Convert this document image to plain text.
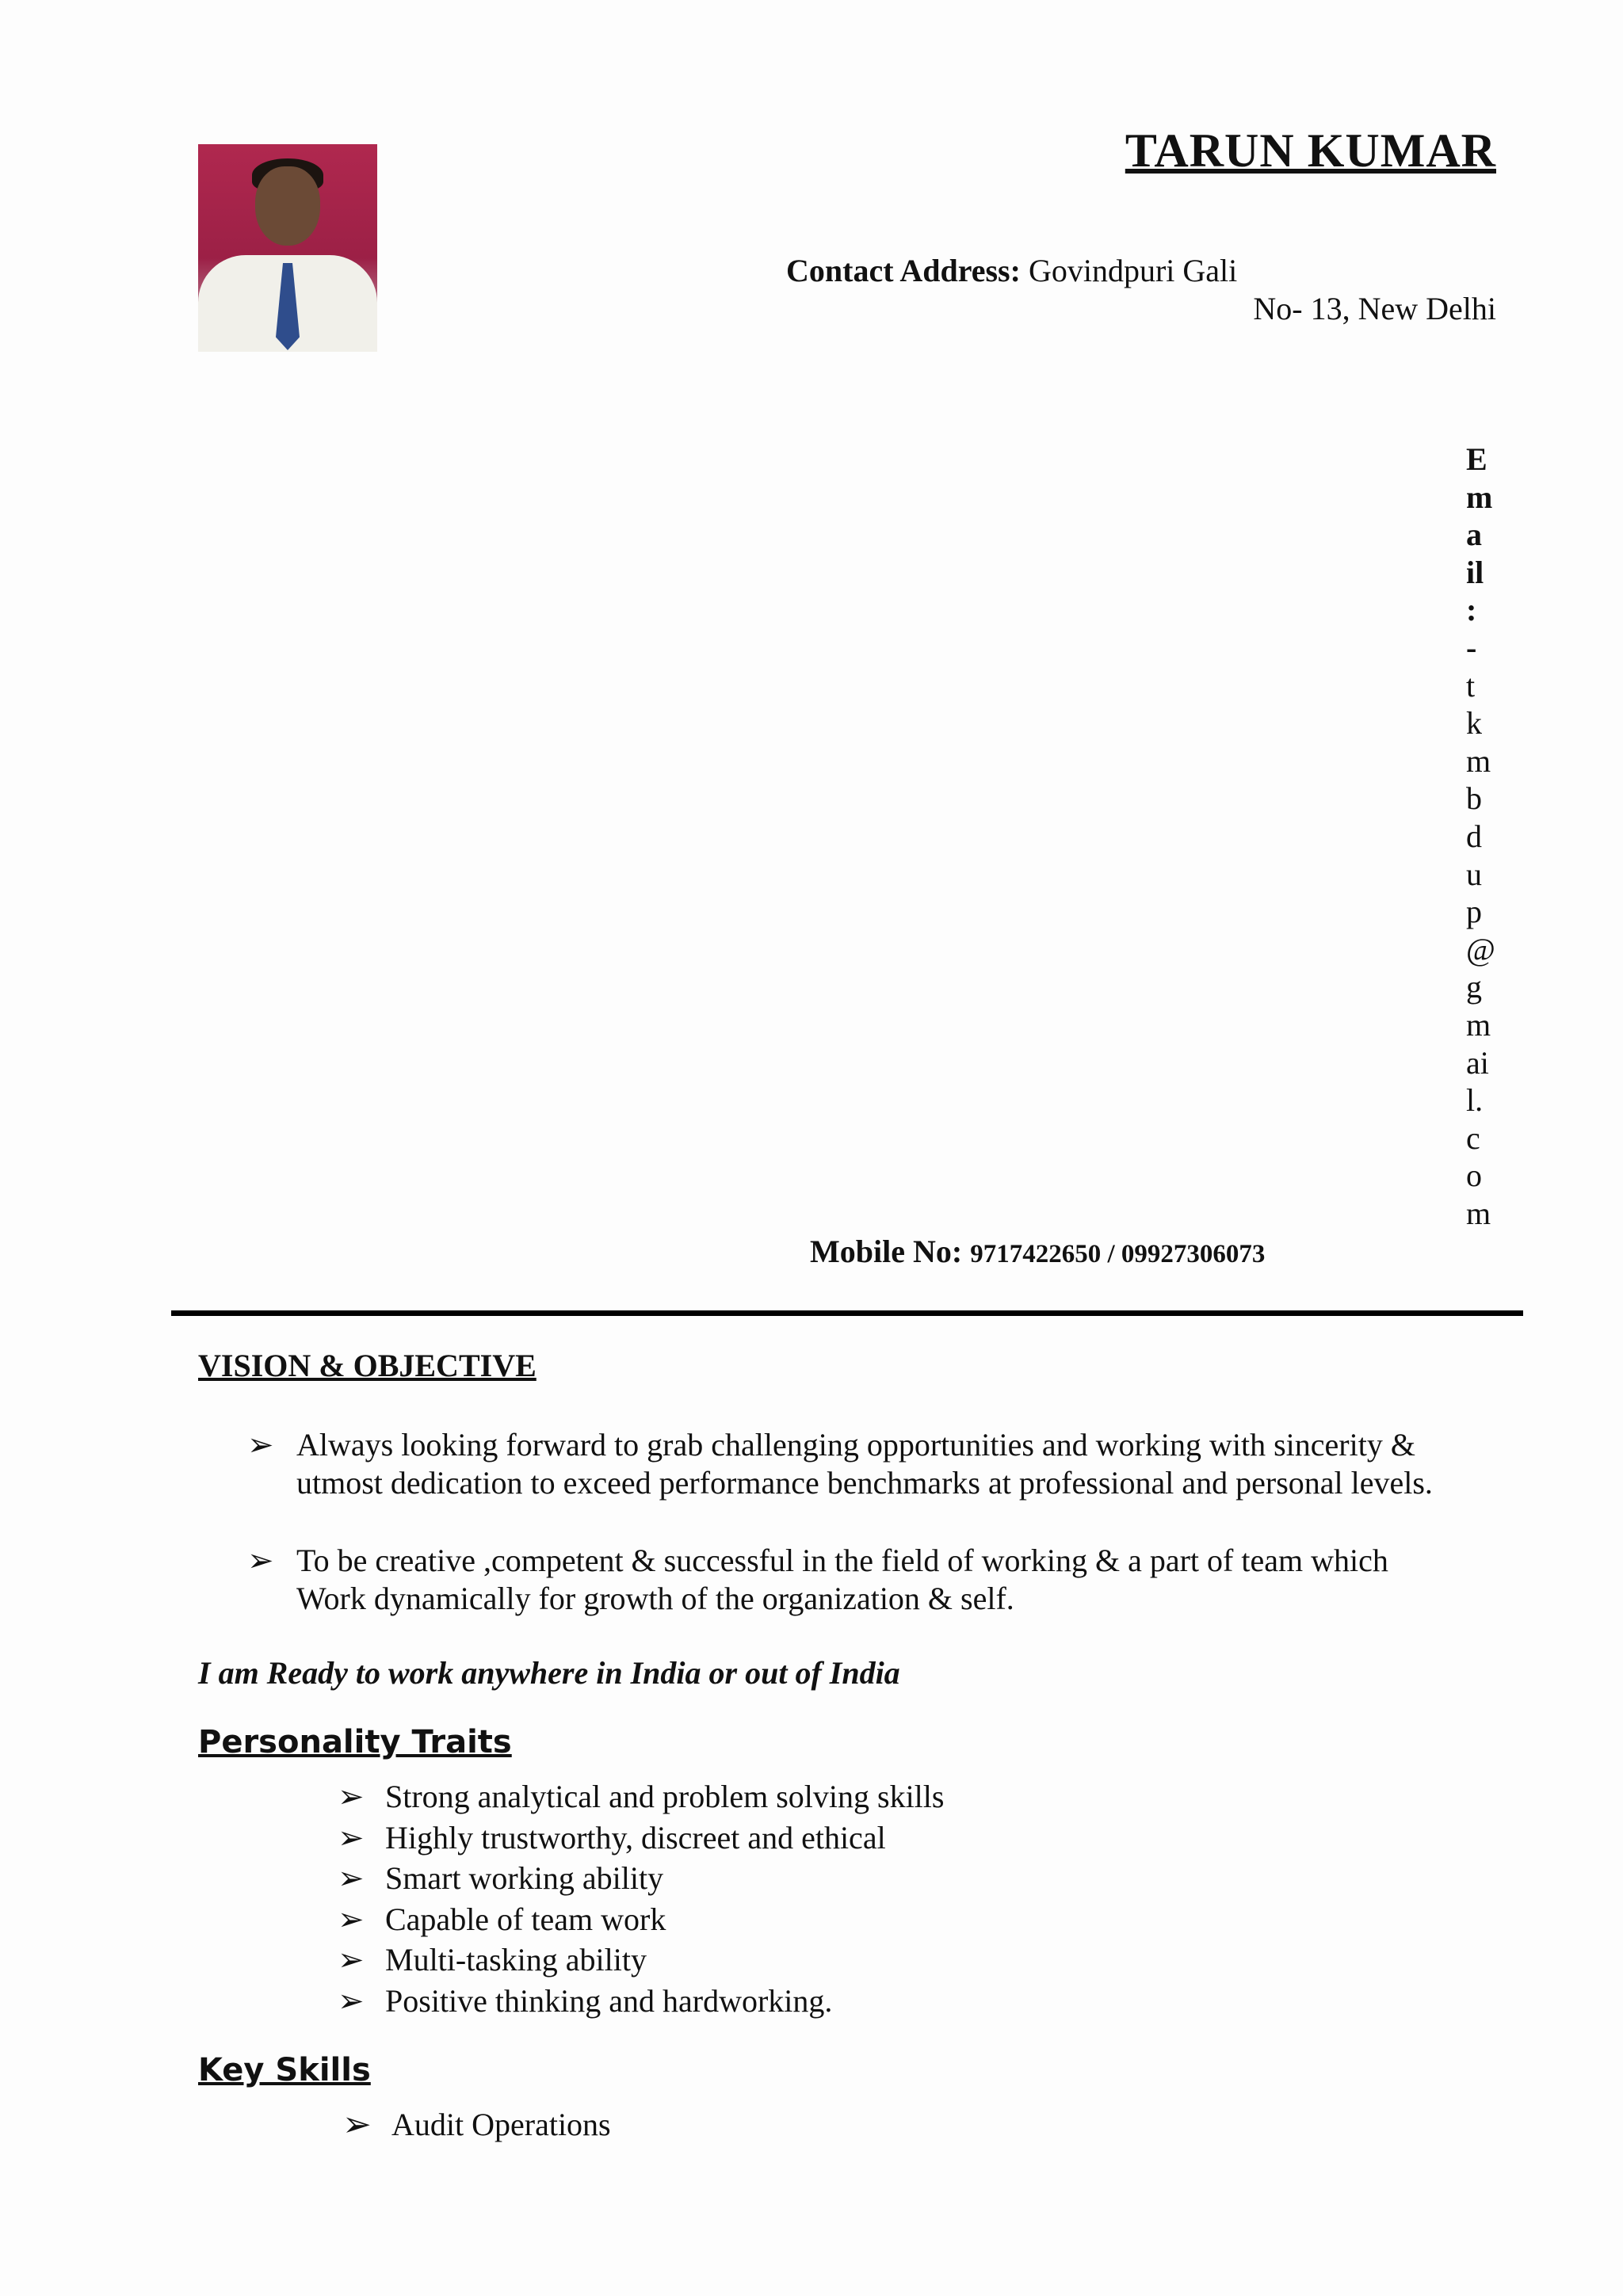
TARUN KUMAR
Contact Address: Govindpuri Gali
No- 13, New Delhi
E
m
a
il
:
-
t
k
m
b
d
u
p
@
g
m
ai
l.
c
o
m
Mobile No: 9717422650 / 09927306073
VISION & OBJECTIVE
➢ Always looking forward to grab challenging opportunities and working with sincerity &
utmost dedication to exceed performance benchmarks at professional and personal levels.
➢ To be creative ,competent & successful in the field of working & a part of team which
Work dynamically for growth of the organization & self.
I am Ready to work anywhere in India or out of India
Personality Traits
➢ Strong analytical and problem solving skills
➢ Highly trustworthy, discreet and ethical
➢ Smart working ability
➢ Capable of team work
➢ Multi-tasking ability
➢ Positive thinking and hardworking.
Key Skills
➢ Audit Operations
